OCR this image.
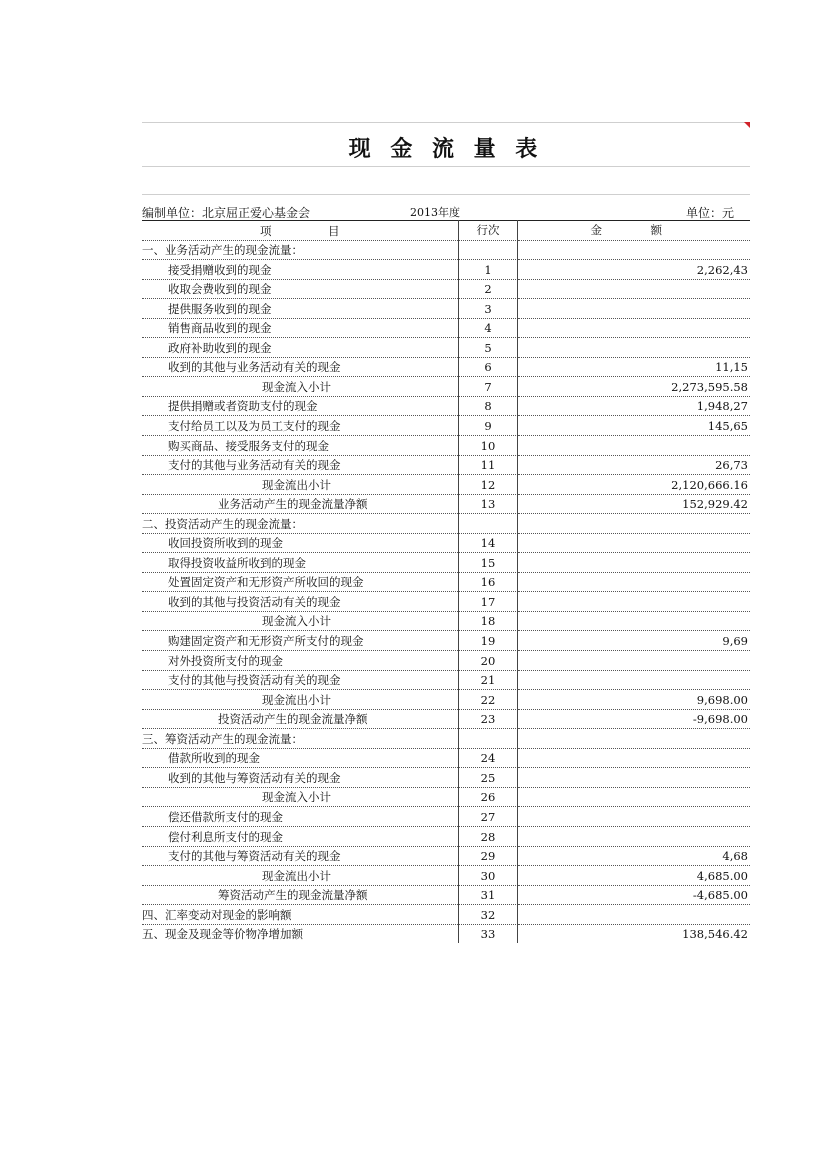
现 金 流 量 表
编制单位：北京屈正爱心基金会	2013年度	单位：元
项	目	行次	金	额
一、业务活动产生的现金流量：
接受捐赠收到的现金	1	2,262,43
收取会费收到的现金	2
提供服务收到的现金	3
销售商品收到的现金	4
政府补助收到的现金	5
收到的其他与业务活动有关的现金	6	11,15
现金流入小计	7	2,273,595.58
提供捐赠或者资助支付的现金	8	1,948,27
支付给员工以及为员工支付的现金	9	145,65
购买商品、接受服务支付的现金	10
支付的其他与业务活动有关的现金	11	26,73
现金流出小计	12	2,120,666.16
业务活动产生的现金流量净额	13	152,929.42
二、投资活动产生的现金流量：
收回投资所收到的现金	14
取得投资收益所收到的现金	15
处置固定资产和无形资产所收回的现金	16
收到的其他与投资活动有关的现金	17
现金流入小计	18
购建固定资产和无形资产所支付的现金	19	9,69
对外投资所支付的现金	20
支付的其他与投资活动有关的现金	21
现金流出小计	22	9,698.00
投资活动产生的现金流量净额	23	-9,698.00
三、筹资活动产生的现金流量：
借款所收到的现金	24
收到的其他与筹资活动有关的现金	25
现金流入小计	26
偿还借款所支付的现金	27
偿付利息所支付的现金	28
支付的其他与筹资活动有关的现金	29	4,68
现金流出小计	30	4,685.00
筹资活动产生的现金流量净额	31	-4,685.00
四、汇率变动对现金的影响额	32
五、现金及现金等价物净增加额	33	138,546.42
